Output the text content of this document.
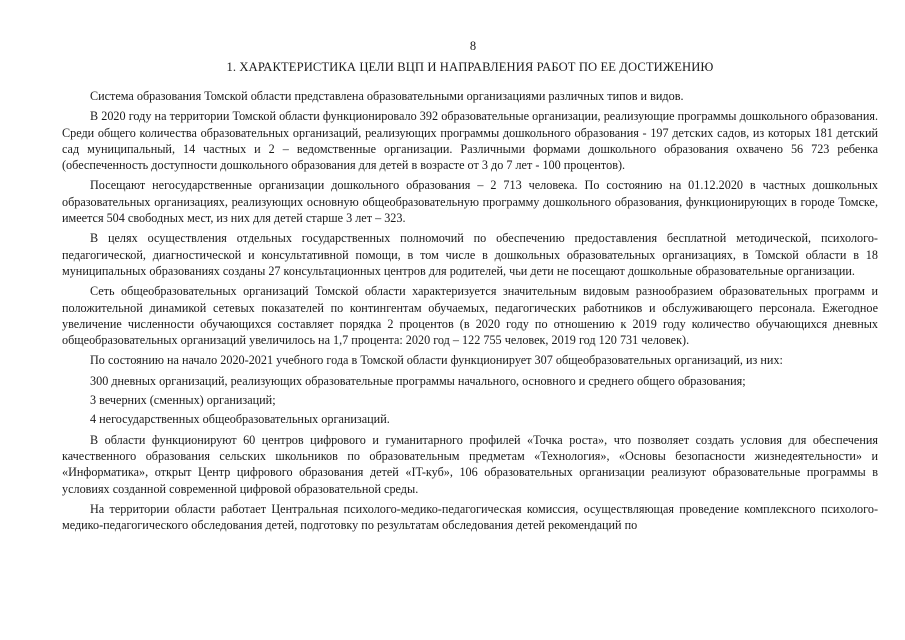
8
1. ХАРАКТЕРИСТИКА ЦЕЛИ ВЦП И НАПРАВЛЕНИЯ РАБОТ ПО ЕЕ ДОСТИЖЕНИЮ

Система образования Томской области представлена образовательными организациями различных типов и видов.

В 2020 году на территории Томской области функционировало 392 образовательные организации, реализующие программы дошкольного образования. Среди общего количества образовательных организаций, реализующих программы дошкольного образования - 197 детских садов, из которых 181 детский сад муниципальный, 14 частных и 2 – ведомственные организации. Различными формами дошкольного образования охвачено 56 723 ребенка (обеспеченность доступности дошкольного образования для детей в возрасте от 3 до 7 лет - 100 процентов).

Посещают негосударственные организации дошкольного образования – 2 713 человека. По состоянию на 01.12.2020 в частных дошкольных образовательных организациях, реализующих основную общеобразовательную программу дошкольного образования, функционирующих в городе Томске, имеется 504 свободных мест, из них для детей старше 3 лет – 323.

В целях осуществления отдельных государственных полномочий по обеспечению предоставления бесплатной методической, психолого-педагогической, диагностической и консультативной помощи, в том числе в дошкольных образовательных организациях, в Томской области в 18 муниципальных образованиях созданы 27 консультационных центров для родителей, чьи дети не посещают дошкольные образовательные организации.

Сеть общеобразовательных организаций Томской области характеризуется значительным видовым разнообразием образовательных программ и положительной динамикой сетевых показателей по контингентам обучаемых, педагогических работников и обслуживающего персонала. Ежегодное увеличение численности обучающихся составляет порядка 2 процентов (в 2020 году по отношению к 2019 году количество обучающихся дневных общеобразовательных организаций увеличилось на 1,7 процента: 2020 год – 122 755 человек, 2019 год 120 731 человек).

По состоянию на начало 2020-2021 учебного года в Томской области функционирует 307 общеобразовательных организаций, из них:

300 дневных организаций, реализующих образовательные программы начального, основного и среднего общего образования;

3 вечерних (сменных) организаций;

4 негосударственных общеобразовательных организаций.

В области функционируют 60 центров цифрового и гуманитарного профилей «Точка роста», что позволяет создать условия для обеспечения качественного образования сельских школьников по образовательным предметам «Технология», «Основы безопасности жизнедеятельности» и «Информатика», открыт Центр цифрового образования детей «IT-куб», 106 образовательных организации реализуют образовательные программы в условиях созданной современной цифровой образовательной среды.

На территории области работает Центральная психолого-медико-педагогическая комиссия, осуществляющая проведение комплексного психолого-медико-педагогического обследования детей, подготовку по результатам обследования детей рекомендаций по
